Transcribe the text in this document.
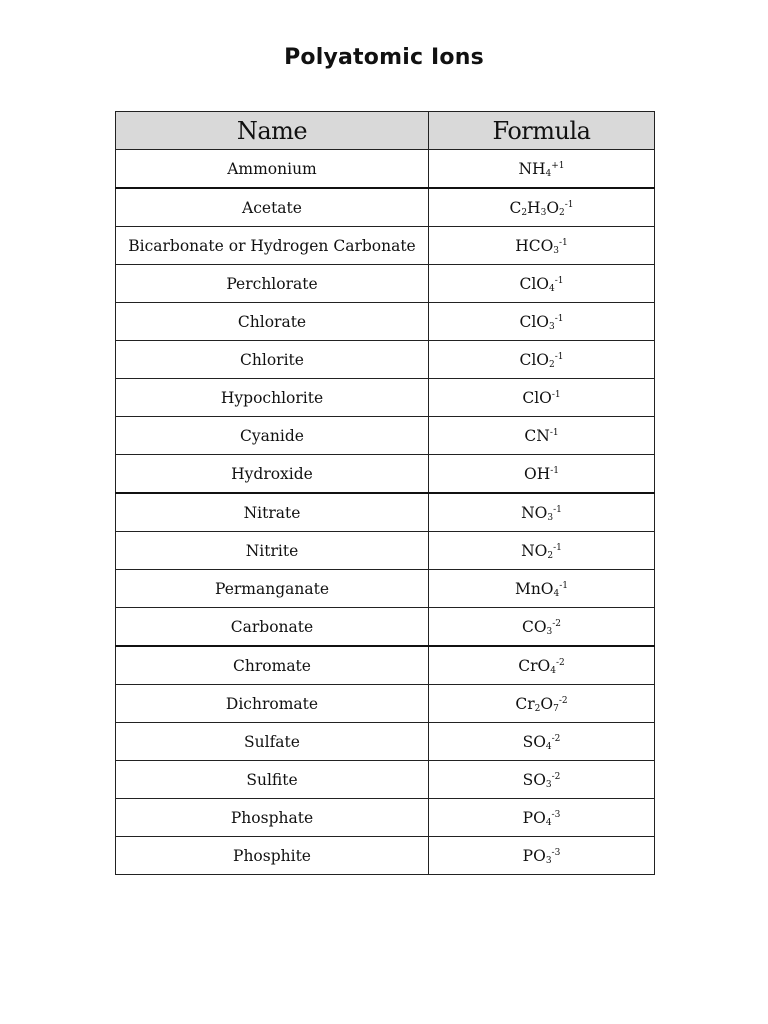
Polyatomic Ions
Name	Formula
Ammonium	$NH_4^{+1}$
Acetate	$C_2H_3O_2^{-1}$
Bicarbonate or Hydrogen Carbonate	$HCO_3^{-1}$
Perchlorate	ClO$_4^{-1}$
Chlorate	ClO$_3^{-1}$
Chlorite	ClO$_2^{-1}$
Hypochlorite	ClO$^{-1}$
Cyanide	$CN^{-1}$
Hydroxide	$OH^{-1}$
Nitrate	$NO_3^{-1}$
Nitrite	$NO_2^{-1}$
Permanganate	MnO$_4^{-1}$
Carbonate	$CO_3^{-2}$
Chromate	CrO$_4^{-2}$
Dichromate	$Cr_2O_7^{-2}$
Sulfate	$SO_4^{-2}$
Sulfite	$SO_3^{-2}$
Phosphate	$PO_4^{-3}$
Phosphite	$PO_3^{-3}$
